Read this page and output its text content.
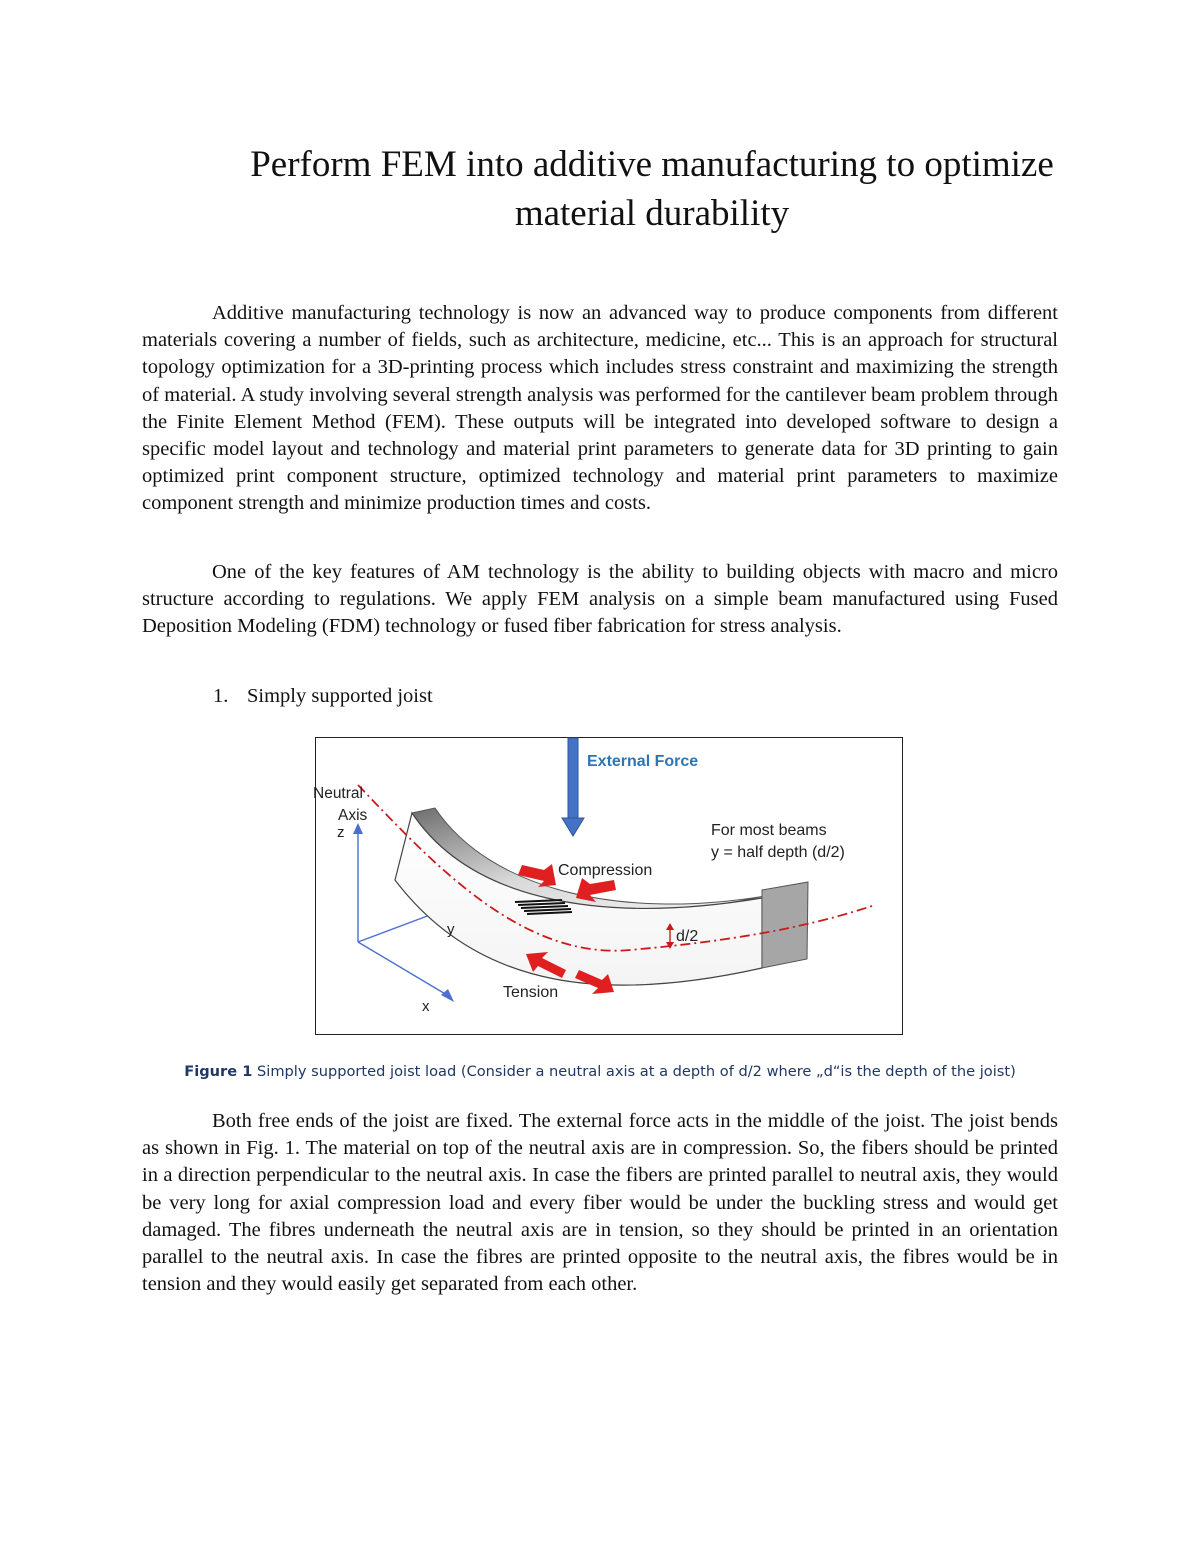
Perform FEM into additive manufacturing to optimize material durability

Additive manufacturing technology is now an advanced way to produce components from different materials covering a number of fields, such as architecture, medicine, etc... This is an approach for structural topology optimization for a 3D-printing process which includes stress constraint and maximizing the strength of material. A study involving several strength analysis was performed for the cantilever beam problem through the Finite Element Method (FEM). These outputs will be integrated into developed software to design a specific model layout and technology and material print parameters to generate data for 3D printing to gain optimized print component structure, optimized technology and material print parameters to maximize component strength and minimize production times and costs.

One of the key features of AM technology is the ability to building objects with macro and micro structure according to regulations. We apply FEM analysis on a simple beam manufactured using Fused Deposition Modeling (FDM) technology or fused fiber fabrication for stress analysis.

1. Simply supported joist

External Force
Neutral
Axis
z
y
x
Compression
Tension
For most beams
y = half depth (d/2)
d/2

Figure 1 Simply supported joist load (Consider a neutral axis at a depth of d/2 where „d“is the depth of the joist)

Both free ends of the joist are fixed. The external force acts in the middle of the joist. The joist bends as shown in Fig. 1. The material on top of the neutral axis are in compression. So, the fibers should be printed in a direction perpendicular to the neutral axis. In case the fibers are printed parallel to neutral axis, they would be very long for axial compression load and every fiber would be under the buckling stress and would get damaged. The fibres underneath the neutral axis are in tension, so they should be printed in an orientation parallel to the neutral axis. In case the fibres are printed opposite to the neutral axis, the fibres would be in tension and they would easily get separated from each other.
